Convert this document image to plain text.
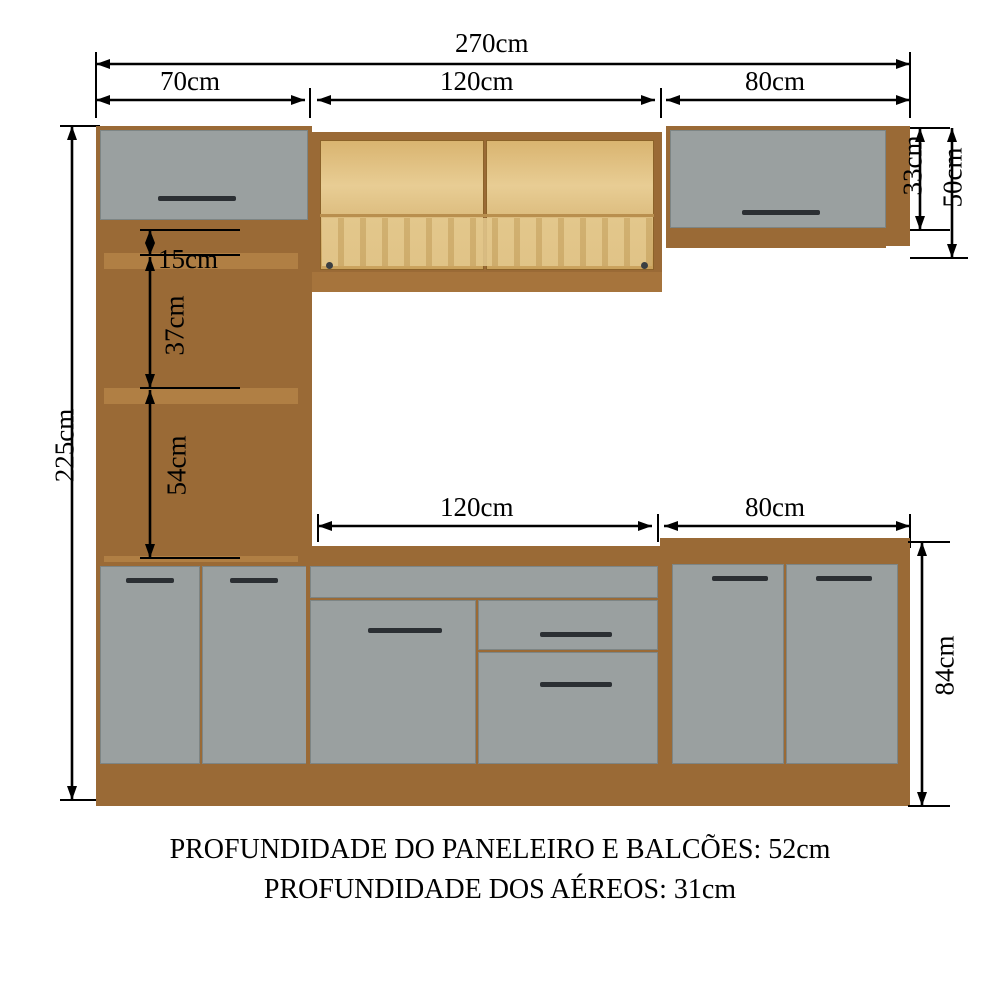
270cm
70cm	120cm	80cm
225cm
33cm 50cm
15cm
37cm
54cm
120cm	80cm
84cm
PROFUNDIDADE DO PANELEIRO E BALCÕES: 52cm
PROFUNDIDADE DOS AÉREOS: 31cm
